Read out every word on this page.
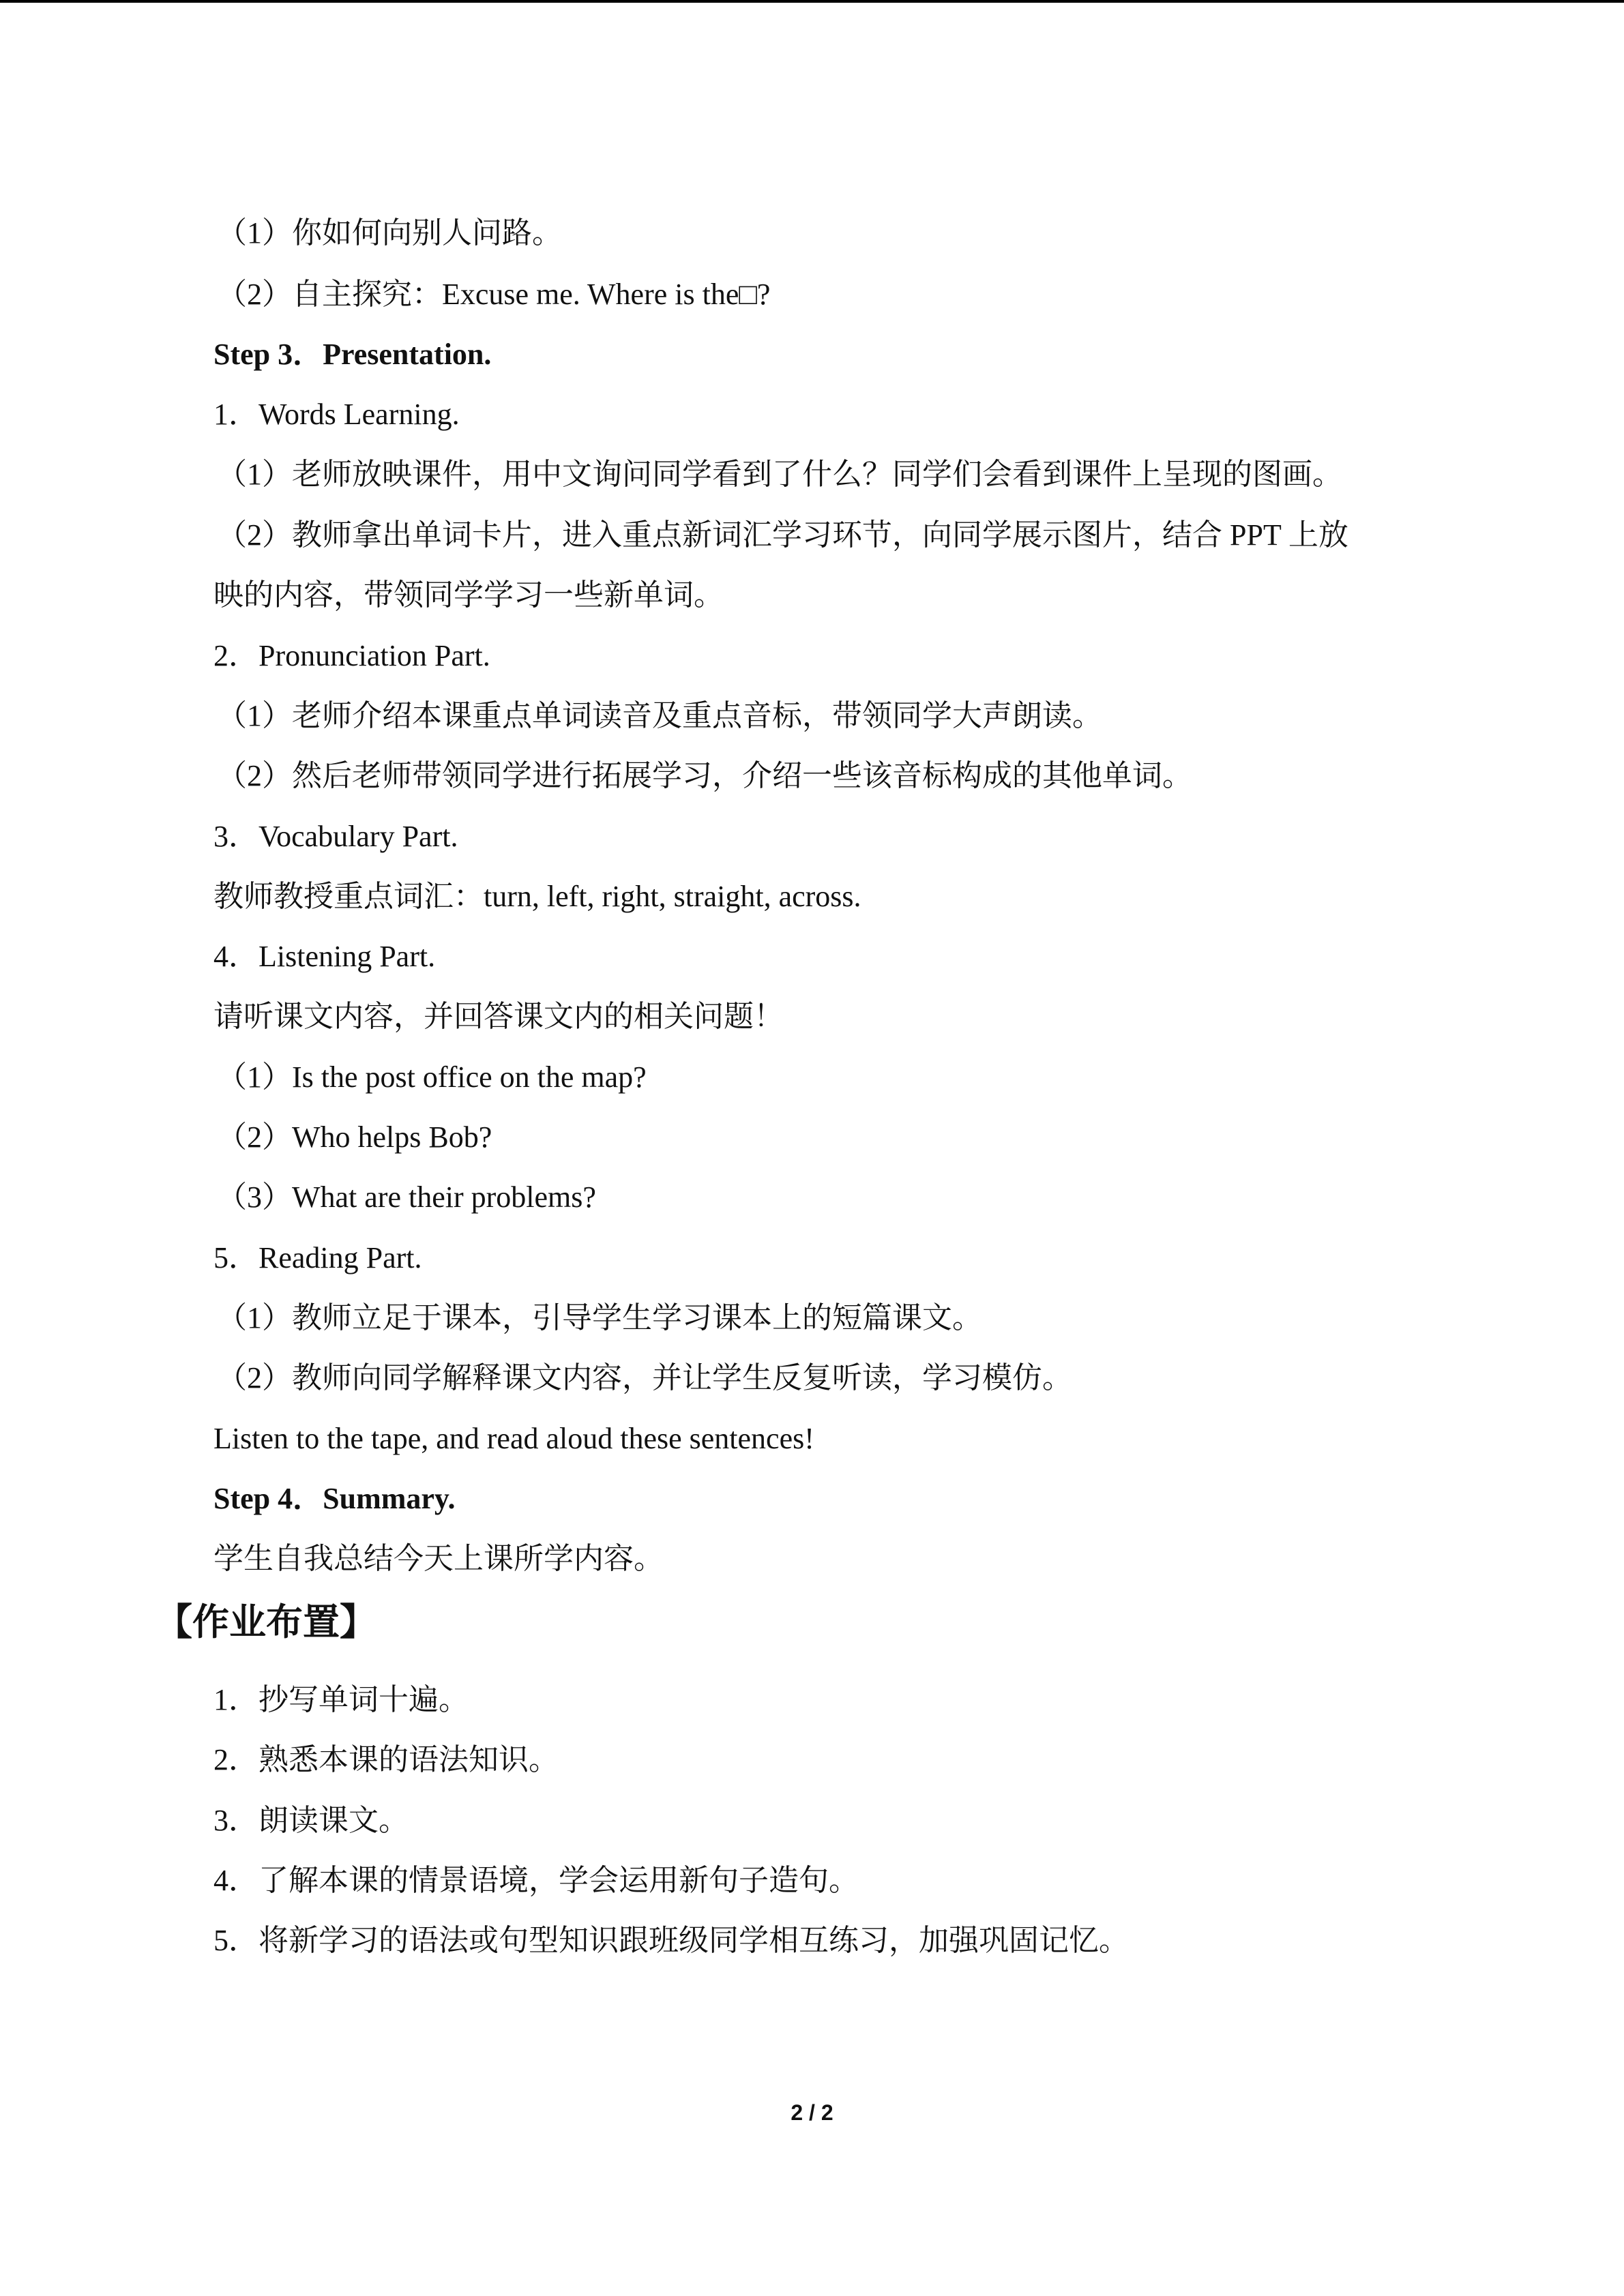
（1）你如何向别人问路。
（2）自主探究：Excuse me. Where is the□?
Step 3．Presentation.
1．Words Learning.
（1）老师放映课件，用中文询问同学看到了什么？同学们会看到课件上呈现的图画。
（2）教师拿出单词卡片，进入重点新词汇学习环节，向同学展示图片，结合 PPT 上放
映的内容，带领同学学习一些新单词。
2．Pronunciation Part.
（1）老师介绍本课重点单词读音及重点音标，带领同学大声朗读。
（2）然后老师带领同学进行拓展学习，介绍一些该音标构成的其他单词。
3．Vocabulary Part.
教师教授重点词汇：turn, left, right, straight, across.
4．Listening Part.
请听课文内容，并回答课文内的相关问题！
（1）Is the post office on the map?
（2）Who helps Bob?
（3）What are their problems?
5．Reading Part.
（1）教师立足于课本，引导学生学习课本上的短篇课文。
（2）教师向同学解释课文内容，并让学生反复听读，学习模仿。
Listen to the tape, and read aloud these sentences!
Step 4．Summary.
学生自我总结今天上课所学内容。
【作业布置】
1．抄写单词十遍。
2．熟悉本课的语法知识。
3．朗读课文。
4．了解本课的情景语境，学会运用新句子造句。
5．将新学习的语法或句型知识跟班级同学相互练习，加强巩固记忆。
2 / 2
